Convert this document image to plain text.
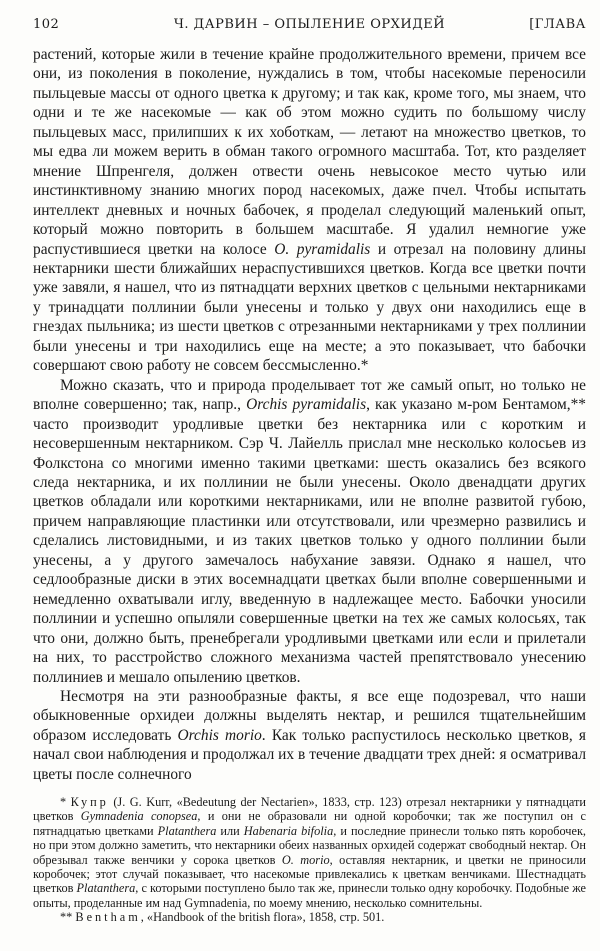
102	Ч. ДАРВИН – ОПЫЛЕНИЕ ОРХИДЕЙ	[ГЛАВА

растений, которые жили в течение крайне продолжительного времени, причем все они, из поколения в поколение, нуждались в том, чтобы насекомые переносили пыльцевые массы от одного цветка к другому; и так как, кроме того, мы знаем, что одни и те же насекомые — как об этом можно судить по большому числу пыльцевых масс, прилипших к их хоботкам, — летают на множество цветков, то мы едва ли можем верить в обман такого огромного масштаба. Тот, кто разделяет мнение Шпренгеля, должен отвести очень невысокое место чутью или инстинктивному знанию многих пород насекомых, даже пчел. Чтобы испытать интеллект дневных и ночных бабочек, я проделал следующий маленький опыт, который можно повторить в большем масштабе. Я удалил немногие уже распустившиеся цветки на колосе O. pyramidalis и отрезал на половину длины нектарники шести ближайших нераспустившихся цветков. Когда все цветки почти уже завяли, я нашел, что из пятнадцати верхних цветков с цельными нектарниками у тринадцати поллинии были унесены и только у двух они находились еще в гнездах пыльника; из шести цветков с отрезанными нектарниками у трех поллинии были унесены и три находились еще на месте; а это показывает, что бабочки совершают свою работу не совсем бессмысленно.*

Можно сказать, что и природа проделывает тот же самый опыт, но только не вполне совершенно; так, напр., Orchis pyramidalis, как указано м-ром Бентамом,** часто производит уродливые цветки без нектарника или с коротким и несовершенным нектарником. Сэр Ч. Лайелль прислал мне несколько колосьев из Фолкстона со многими именно такими цветками: шесть оказались без всякого следа нектарника, и их поллинии не были унесены. Около двенадцати других цветков обладали или короткими нектарниками, или не вполне развитой губою, причем направляющие пластинки или отсутствовали, или чрезмерно развились и сделались листовидными, и из таких цветков только у одного поллинии были унесены, а у другого замечалось набухание завязи. Однако я нашел, что седлообразные диски в этих восемнадцати цветках были вполне совершенными и немедленно охватывали иглу, введенную в надлежащее место. Бабочки уносили поллинии и успешно опыляли совершенные цветки на тех же самых колосьях, так что они, должно быть, пренебрегали уродливыми цветками или если и прилетали на них, то расстройство сложного механизма частей препятствовало унесению поллиниев и мешало опылению цветков.

Несмотря на эти разнообразные факты, я все еще подозревал, что наши обыкновенные орхидеи должны выделять нектар, и решился тщательнейшим образом исследовать Orchis morio. Как только распустилось несколько цветков, я начал свои наблюдения и продолжал их в течение двадцати трех дней: я осматривал цветы после солнечного

* Купр (J. G. Kurr, «Bedeutung der Nectarien», 1833, стр. 123) отрезал нектарники у пятнадцати цветков Gymnadenia conopsea, и они не образовали ни одной коробочки; так же поступил он с пятнадцатью цветками Platanthera или Habenaria bifolia, и последние принесли только пять коробочек, но при этом должно заметить, что нектарники обеих названных орхидей содержат свободный нектар. Он обрезывал также венчики у сорока цветков O. morio, оставляя нектарник, и цветки не приносили коробочек; этот случай показывает, что насекомые привлекались к цветкам венчиками. Шестнадцать цветков Platanthera, с которыми поступлено было так же, принесли только одну коробочку. Подобные же опыты, проделанные им над Gymnadenia, по моему мнению, несколько сомнительны.

** Bentham, «Handbook of the british flora», 1858, стр. 501.
